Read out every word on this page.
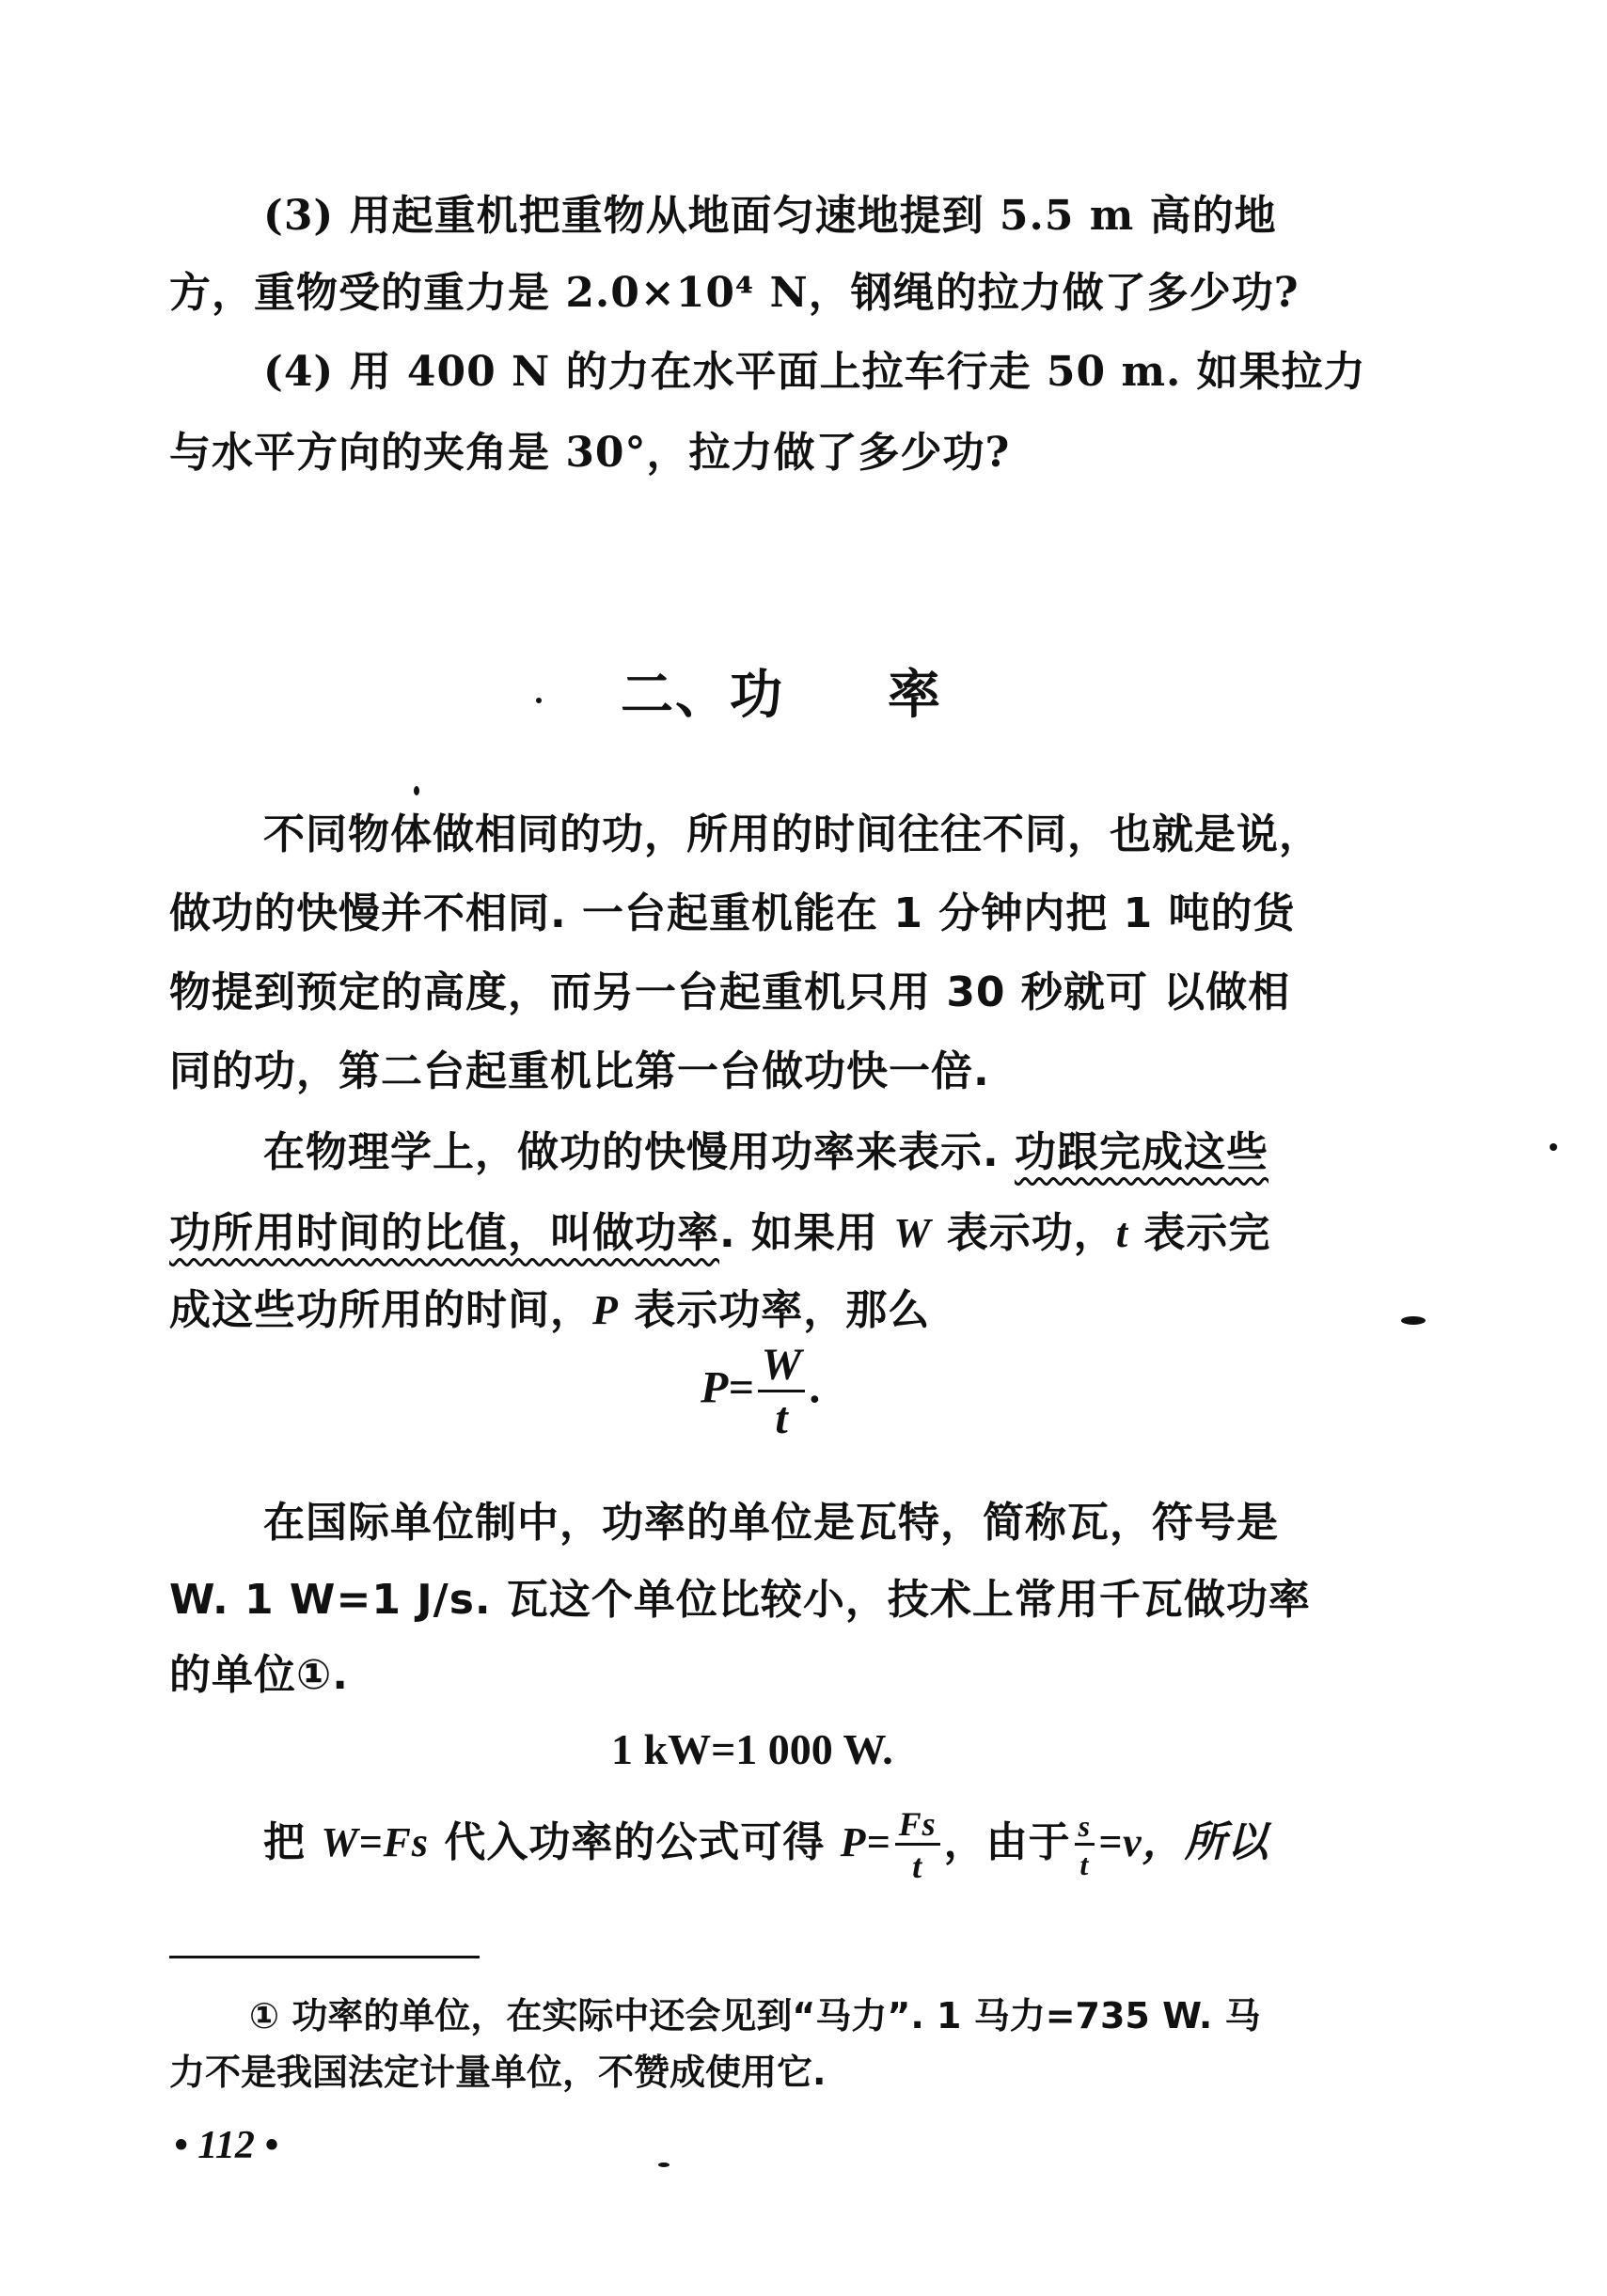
(3) 用起重机把重物从地面匀速地提到 5.5 m 高的地
方，重物受的重力是 2.0×10⁴ N，钢绳的拉力做了多少功?
(4) 用 400 N 的力在水平面上拉车行走 50 m. 如果拉力
与水平方向的夹角是 30°，拉力做了多少功?
二、功 率
不同物体做相同的功，所用的时间往往不同，也就是说，
做功的快慢并不相同. 一台起重机能在 1 分钟内把 1 吨的货
物提到预定的高度，而另一台起重机只用 30 秒就可 以做相
同的功，第二台起重机比第一台做功快一倍.
在物理学上，做功的快慢用功率来表示. 功跟完成这些
功所用时间的比值，叫做功率. 如果用 W 表示功，t 表示完
成这些功所用的时间，P 表示功率，那么
$P= \frac{W}{t}$ .
在国际单位制中，功率的单位是瓦特，简称瓦，符号是
W. 1 W=1 J/s. 瓦这个单位比较小，技术上常用千瓦做功率
的单位①.
1 kW=1 000 W.
把 W=Fs 代入功率的公式可得 $P= \frac{Fs}{t}$ ，由于 $\frac{s}{t} =v$，所以
① 功率的单位，在实际中还会见到“马力”. 1 马力=735 W. 马
力不是我国法定计量单位，不赞成使用它.
• 112 •
